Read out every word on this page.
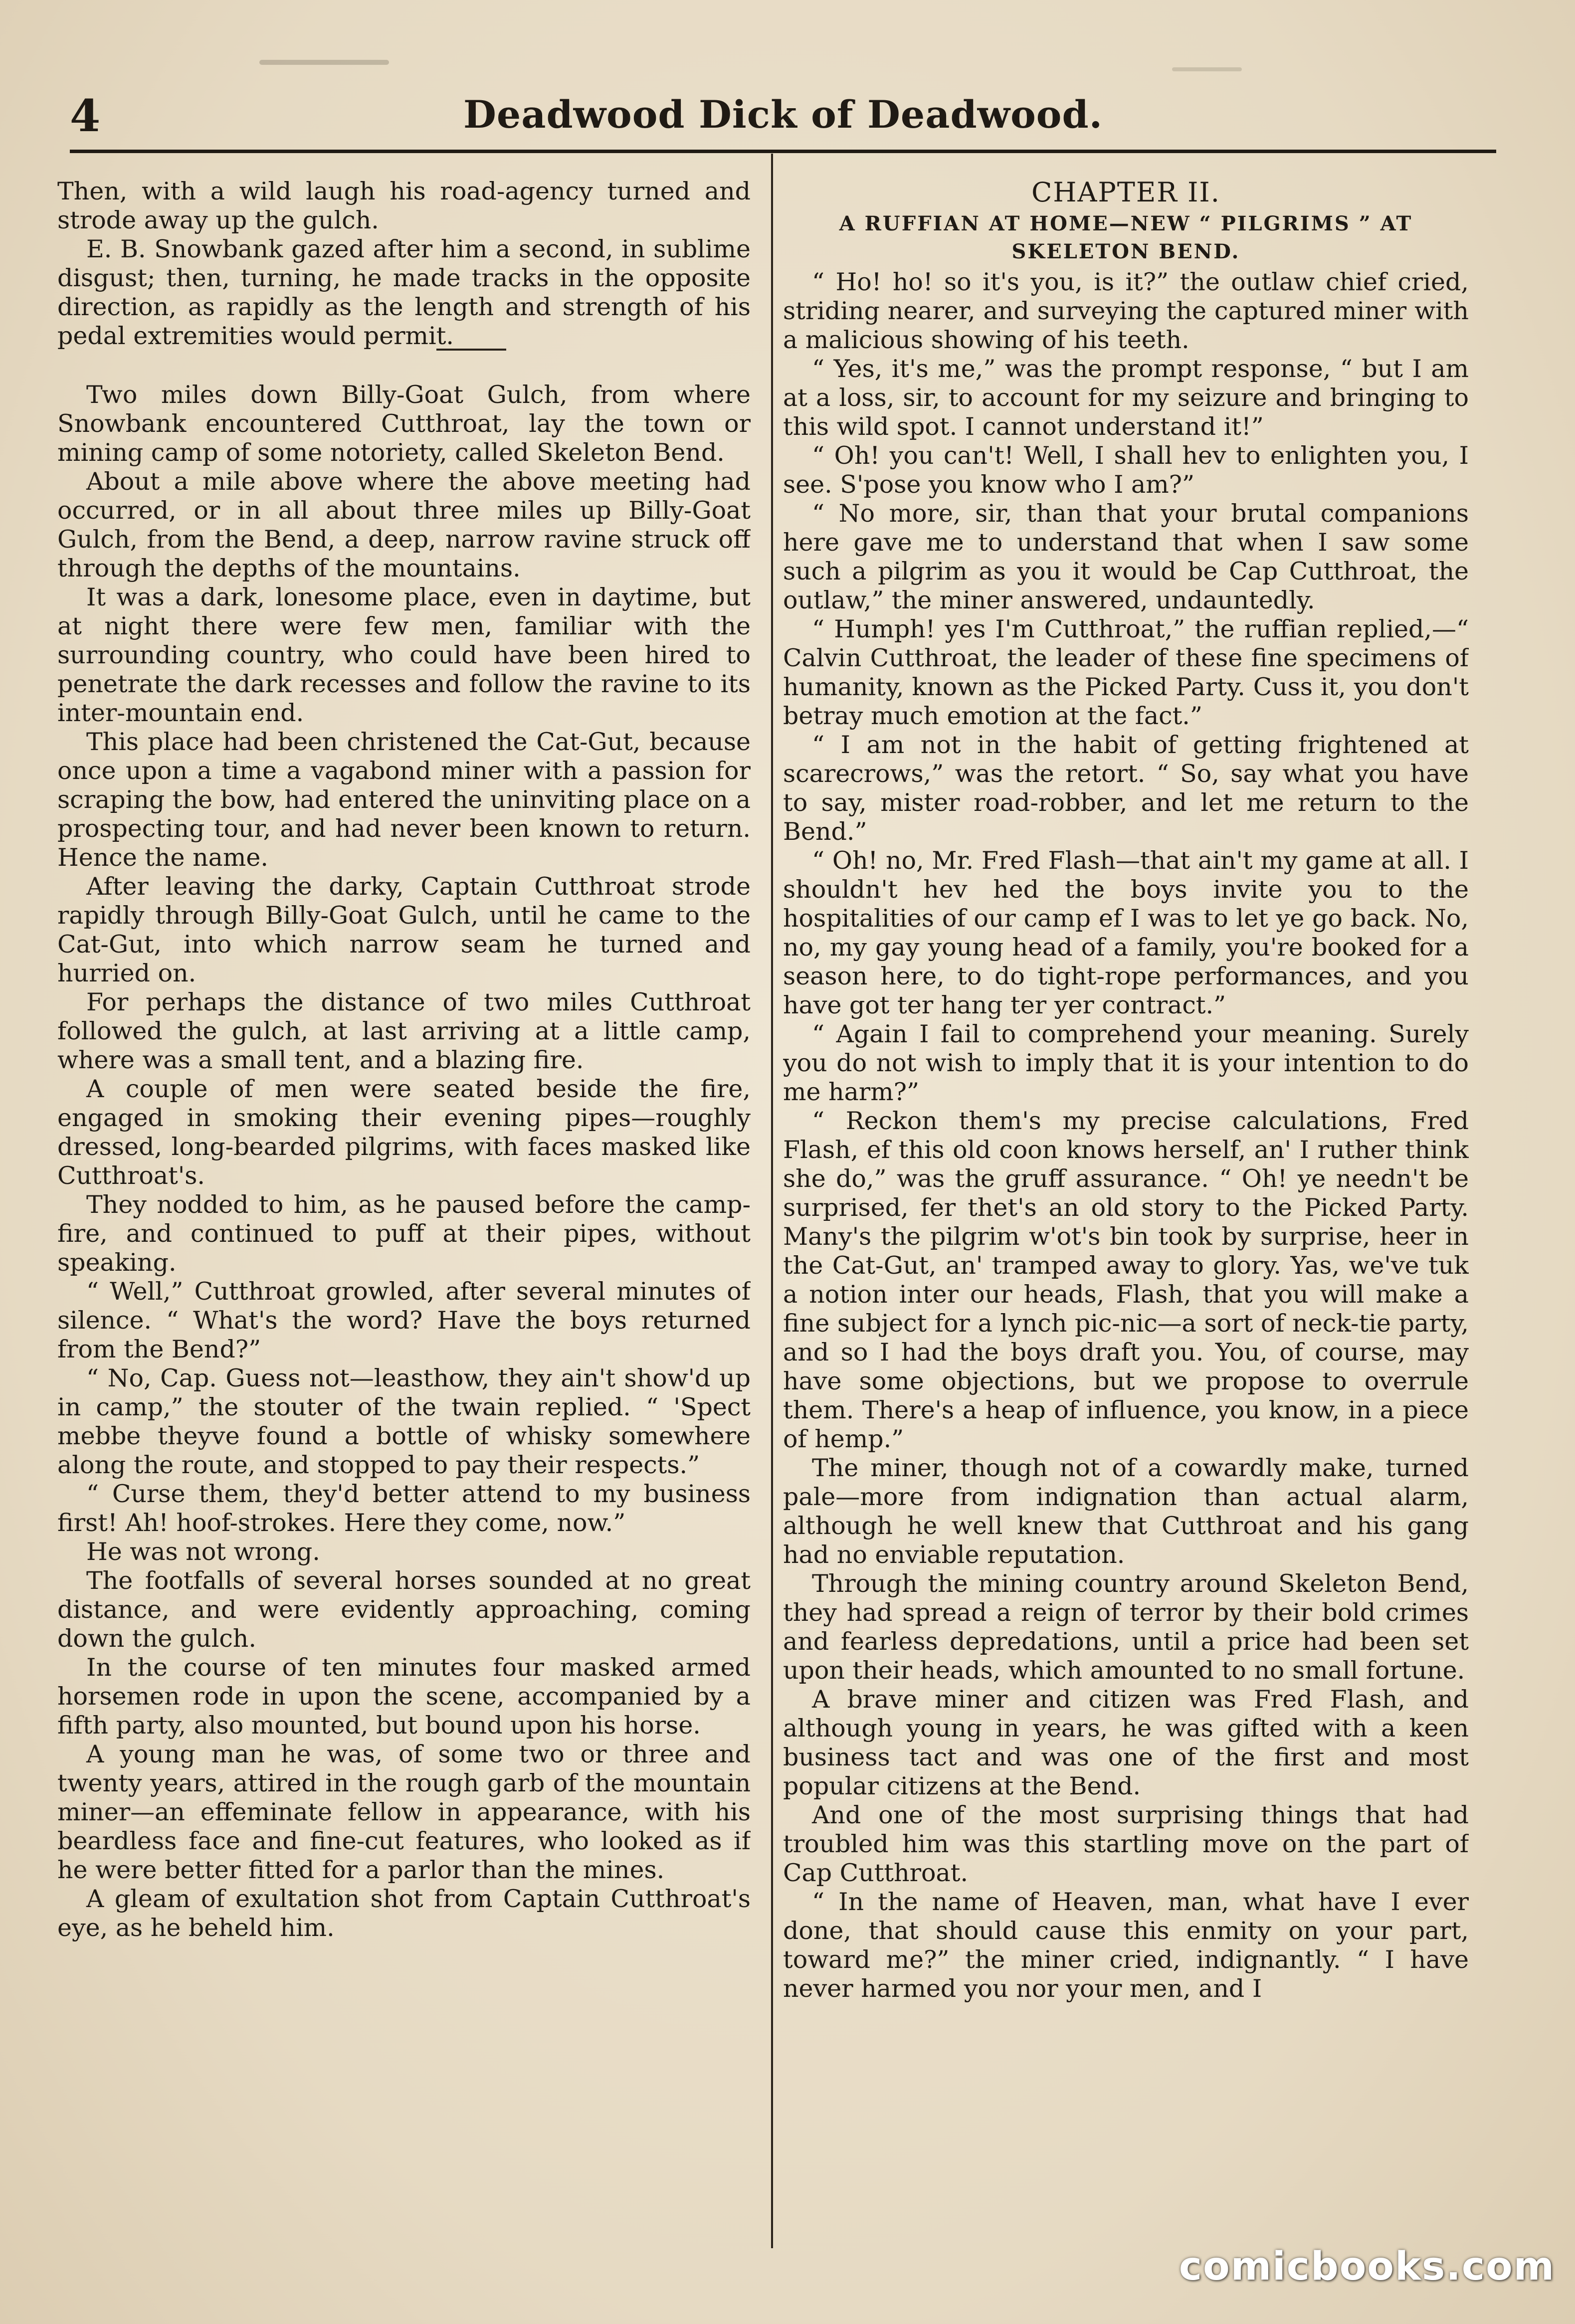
4	Deadwood Dick of Deadwood.

Then, with a wild laugh his road-agency turned and strode away up the gulch.

E. B. Snowbank gazed after him a second, in sublime disgust; then, turning, he made tracks in the opposite direction, as rapidly as the length and strength of his pedal extremities would permit.

Two miles down Billy-Goat Gulch, from where Snowbank encountered Cutthroat, lay the town or mining camp of some notoriety, called Skeleton Bend.

About a mile above where the above meeting had occurred, or in all about three miles up Billy-Goat Gulch, from the Bend, a deep, narrow ravine struck off through the depths of the mountains.

It was a dark, lonesome place, even in daytime, but at night there were few men, familiar with the surrounding country, who could have been hired to penetrate the dark recesses and follow the ravine to its inter-mountain end.

This place had been christened the Cat-Gut, because once upon a time a vagabond miner with a passion for scraping the bow, had entered the uninviting place on a prospecting tour, and had never been known to return. Hence the name.

After leaving the darky, Captain Cutthroat strode rapidly through Billy-Goat Gulch, until he came to the Cat-Gut, into which narrow seam he turned and hurried on.

For perhaps the distance of two miles Cutthroat followed the gulch, at last arriving at a little camp, where was a small tent, and a blazing fire.

A couple of men were seated beside the fire, engaged in smoking their evening pipes—roughly dressed, long-bearded pilgrims, with faces masked like Cutthroat's.

They nodded to him, as he paused before the camp-fire, and continued to puff at their pipes, without speaking.

“ Well,” Cutthroat growled, after several minutes of silence. “ What's the word? Have the boys returned from the Bend?”

“ No, Cap. Guess not—leasthow, they ain't show'd up in camp,” the stouter of the twain replied. “ 'Spect mebbe theyve found a bottle of whisky somewhere along the route, and stopped to pay their respects.”

“ Curse them, they'd better attend to my business first! Ah! hoof-strokes. Here they come, now.”

He was not wrong.

The footfalls of several horses sounded at no great distance, and were evidently approaching, coming down the gulch.

In the course of ten minutes four masked armed horsemen rode in upon the scene, accompanied by a fifth party, also mounted, but bound upon his horse.

A young man he was, of some two or three and twenty years, attired in the rough garb of the mountain miner—an effeminate fellow in appearance, with his beardless face and fine-cut features, who looked as if he were better fitted for a parlor than the mines.

A gleam of exultation shot from Captain Cutthroat's eye, as he beheld him.

CHAPTER II.
A RUFFIAN AT HOME—NEW “ PILGRIMS ” AT SKELETON BEND.

“ Ho! ho! so it's you, is it?” the outlaw chief cried, striding nearer, and surveying the captured miner with a malicious showing of his teeth.

“ Yes, it's me,” was the prompt response, “ but I am at a loss, sir, to account for my seizure and bringing to this wild spot. I cannot understand it!”

“ Oh! you can't! Well, I shall hev to enlighten you, I see. S'pose you know who I am?”

“ No more, sir, than that your brutal companions here gave me to understand that when I saw some such a pilgrim as you it would be Cap Cutthroat, the outlaw,” the miner answered, undauntedly.

“ Humph! yes I'm Cutthroat,” the ruffian replied,—“ Calvin Cutthroat, the leader of these fine specimens of humanity, known as the Picked Party. Cuss it, you don't betray much emotion at the fact.”

“ I am not in the habit of getting frightened at scarecrows,” was the retort. “ So, say what you have to say, mister road-robber, and let me return to the Bend.”

“ Oh! no, Mr. Fred Flash—that ain't my game at all. I shouldn't hev hed the boys invite you to the hospitalities of our camp ef I was to let ye go back. No, no, my gay young head of a family, you're booked for a season here, to do tight-rope performances, and you have got ter hang ter yer contract.”

“ Again I fail to comprehend your meaning. Surely you do not wish to imply that it is your intention to do me harm?”

“ Reckon them's my precise calculations, Fred Flash, ef this old coon knows herself, an' I ruther think she do,” was the gruff assurance. “ Oh! ye needn't be surprised, fer thet's an old story to the Picked Party. Many's the pilgrim w'ot's bin took by surprise, heer in the Cat-Gut, an' tramped away to glory. Yas, we've tuk a notion inter our heads, Flash, that you will make a fine subject for a lynch pic-nic—a sort of neck-tie party, and so I had the boys draft you. You, of course, may have some objections, but we propose to overrule them. There's a heap of influence, you know, in a piece of hemp.”

The miner, though not of a cowardly make, turned pale—more from indignation than actual alarm, although he well knew that Cutthroat and his gang had no enviable reputation.

Through the mining country around Skeleton Bend, they had spread a reign of terror by their bold crimes and fearless depredations, until a price had been set upon their heads, which amounted to no small fortune.

A brave miner and citizen was Fred Flash, and although young in years, he was gifted with a keen business tact and was one of the first and most popular citizens at the Bend.

And one of the most surprising things that had troubled him was this startling move on the part of Cap Cutthroat.

“ In the name of Heaven, man, what have I ever done, that should cause this enmity on your part, toward me?” the miner cried, indignantly. “ I have never harmed you nor your men, and I

comicbooks.com
